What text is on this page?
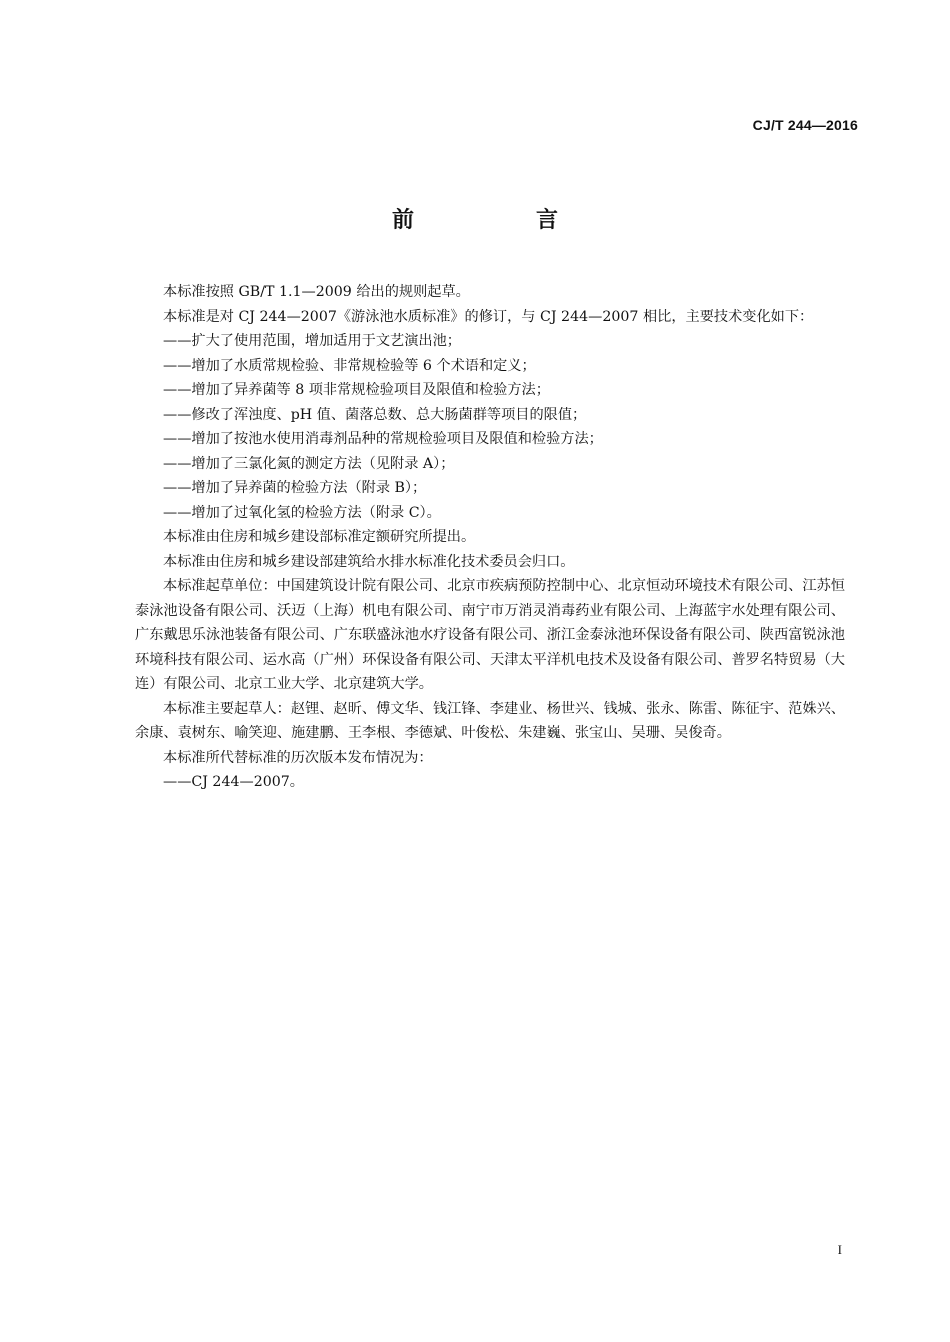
CJ/T 244—2016
前　言

本标准按照 GB/T 1.1—2009 给出的规则起草。

本标准是对 CJ 244—2007《游泳池水质标准》的修订，与 CJ 244—2007 相比，主要技术变化如下：

——扩大了使用范围，增加适用于文艺演出池；

——增加了水质常规检验、非常规检验等 6 个术语和定义；

——增加了异养菌等 8 项非常规检验项目及限值和检验方法；

——修改了浑浊度、pH 值、菌落总数、总大肠菌群等项目的限值；

——增加了按池水使用消毒剂品种的常规检验项目及限值和检验方法；

——增加了三氯化氮的测定方法（见附录 A）；

——增加了异养菌的检验方法（附录 B）；

——增加了过氧化氢的检验方法（附录 C）。

本标准由住房和城乡建设部标准定额研究所提出。

本标准由住房和城乡建设部建筑给水排水标准化技术委员会归口。

本标准起草单位：中国建筑设计院有限公司、北京市疾病预防控制中心、北京恒动环境技术有限公司、江苏恒泰泳池设备有限公司、沃迈（上海）机电有限公司、南宁市万消灵消毒药业有限公司、上海蓝宇水处理有限公司、广东戴思乐泳池装备有限公司、广东联盛泳池水疗设备有限公司、浙江金泰泳池环保设备有限公司、陕西富锐泳池环境科技有限公司、运水高（广州）环保设备有限公司、天津太平洋机电技术及设备有限公司、普罗名特贸易（大连）有限公司、北京工业大学、北京建筑大学。

本标准主要起草人：赵锂、赵昕、傅文华、钱江锋、李建业、杨世兴、钱城、张永、陈雷、陈征宇、范姝兴、余康、袁树东、喻笑迎、施建鹏、王李根、李德斌、叶俊松、朱建巍、张宝山、吴珊、吴俊奇。

本标准所代替标准的历次版本发布情况为：

——CJ 244—2007。

I
